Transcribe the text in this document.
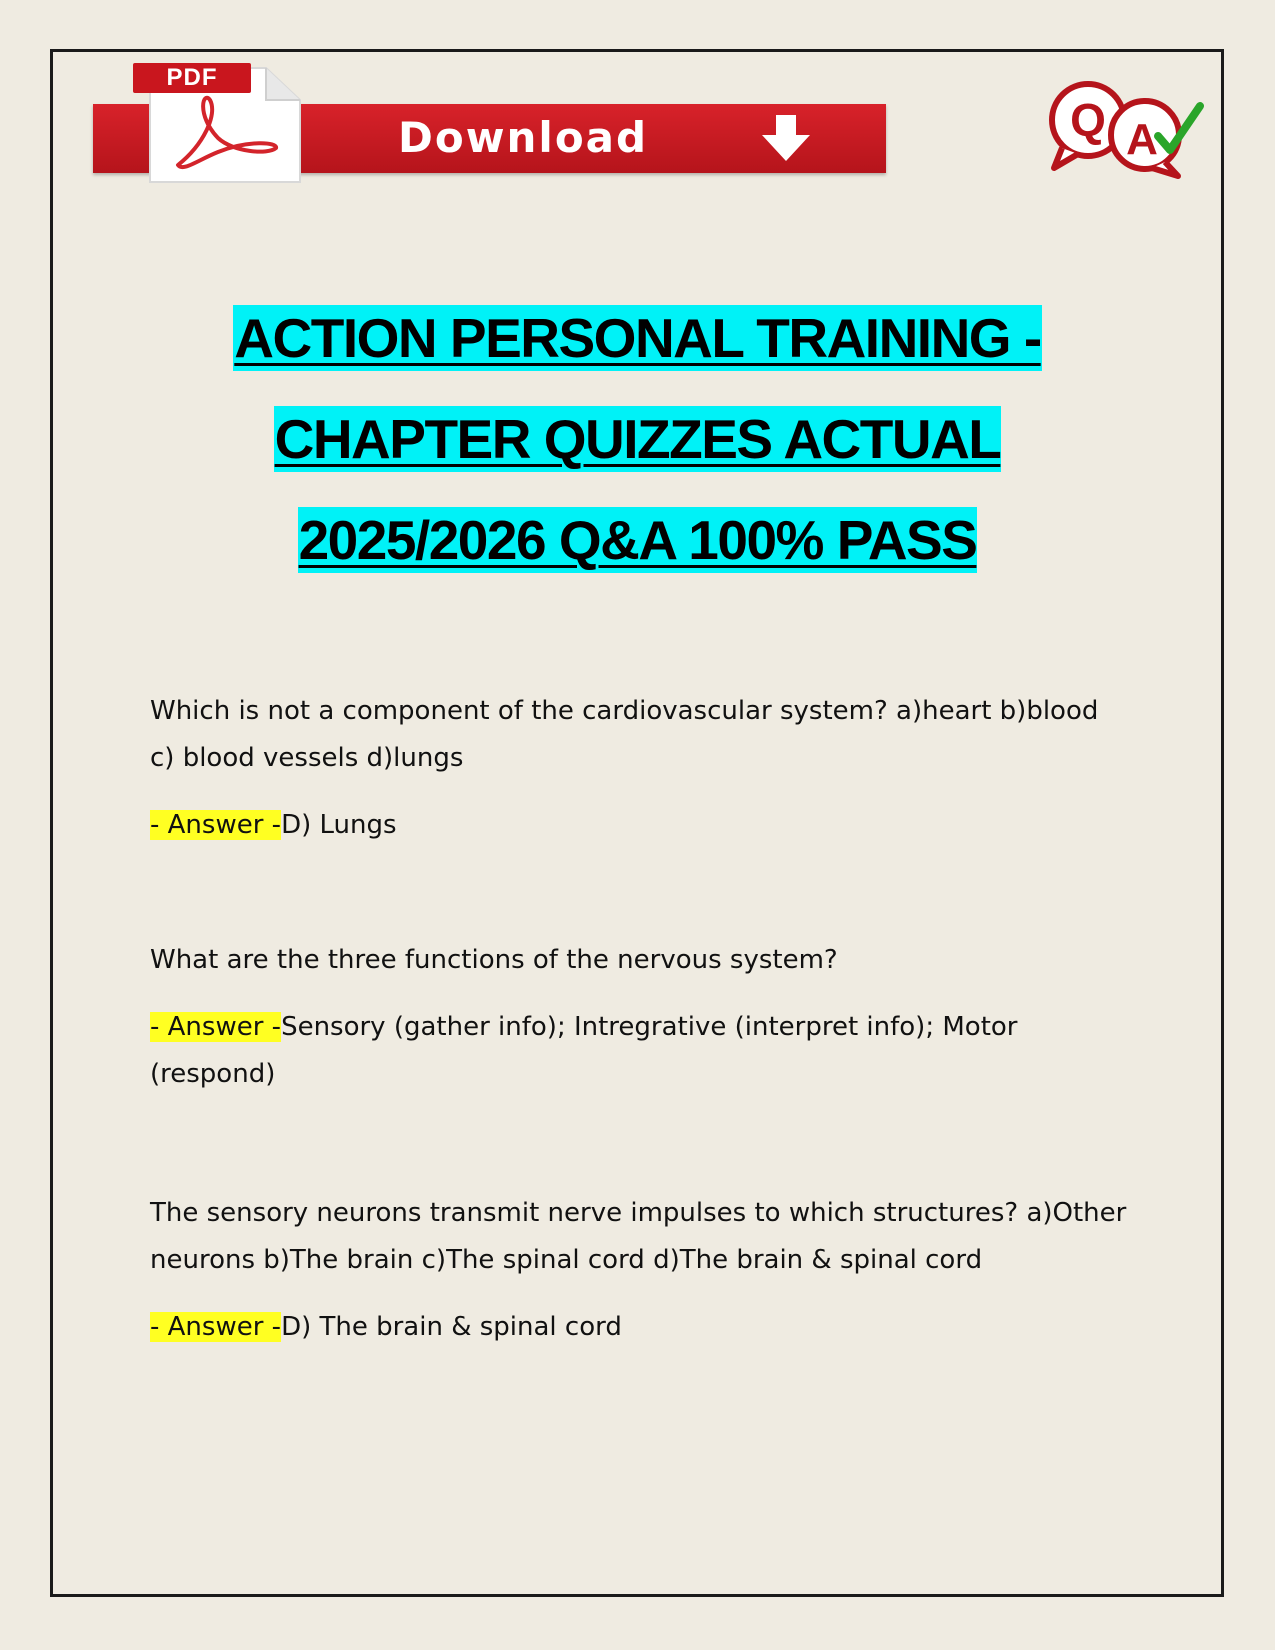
PDF
Download	Q A
ACTION PERSONAL TRAINING -
CHAPTER QUIZZES ACTUAL
2025/2026 Q&A 100% PASS

Which is not a component of the cardiovascular system? a)heart b)blood c) blood vessels d)lungs

- Answer -D) Lungs

What are the three functions of the nervous system?

- Answer -Sensory (gather info); Intregrative (interpret info); Motor (respond)

The sensory neurons transmit nerve impulses to which structures? a)Other neurons b)The brain c)The spinal cord d)The brain & spinal cord

- Answer -D) The brain & spinal cord
